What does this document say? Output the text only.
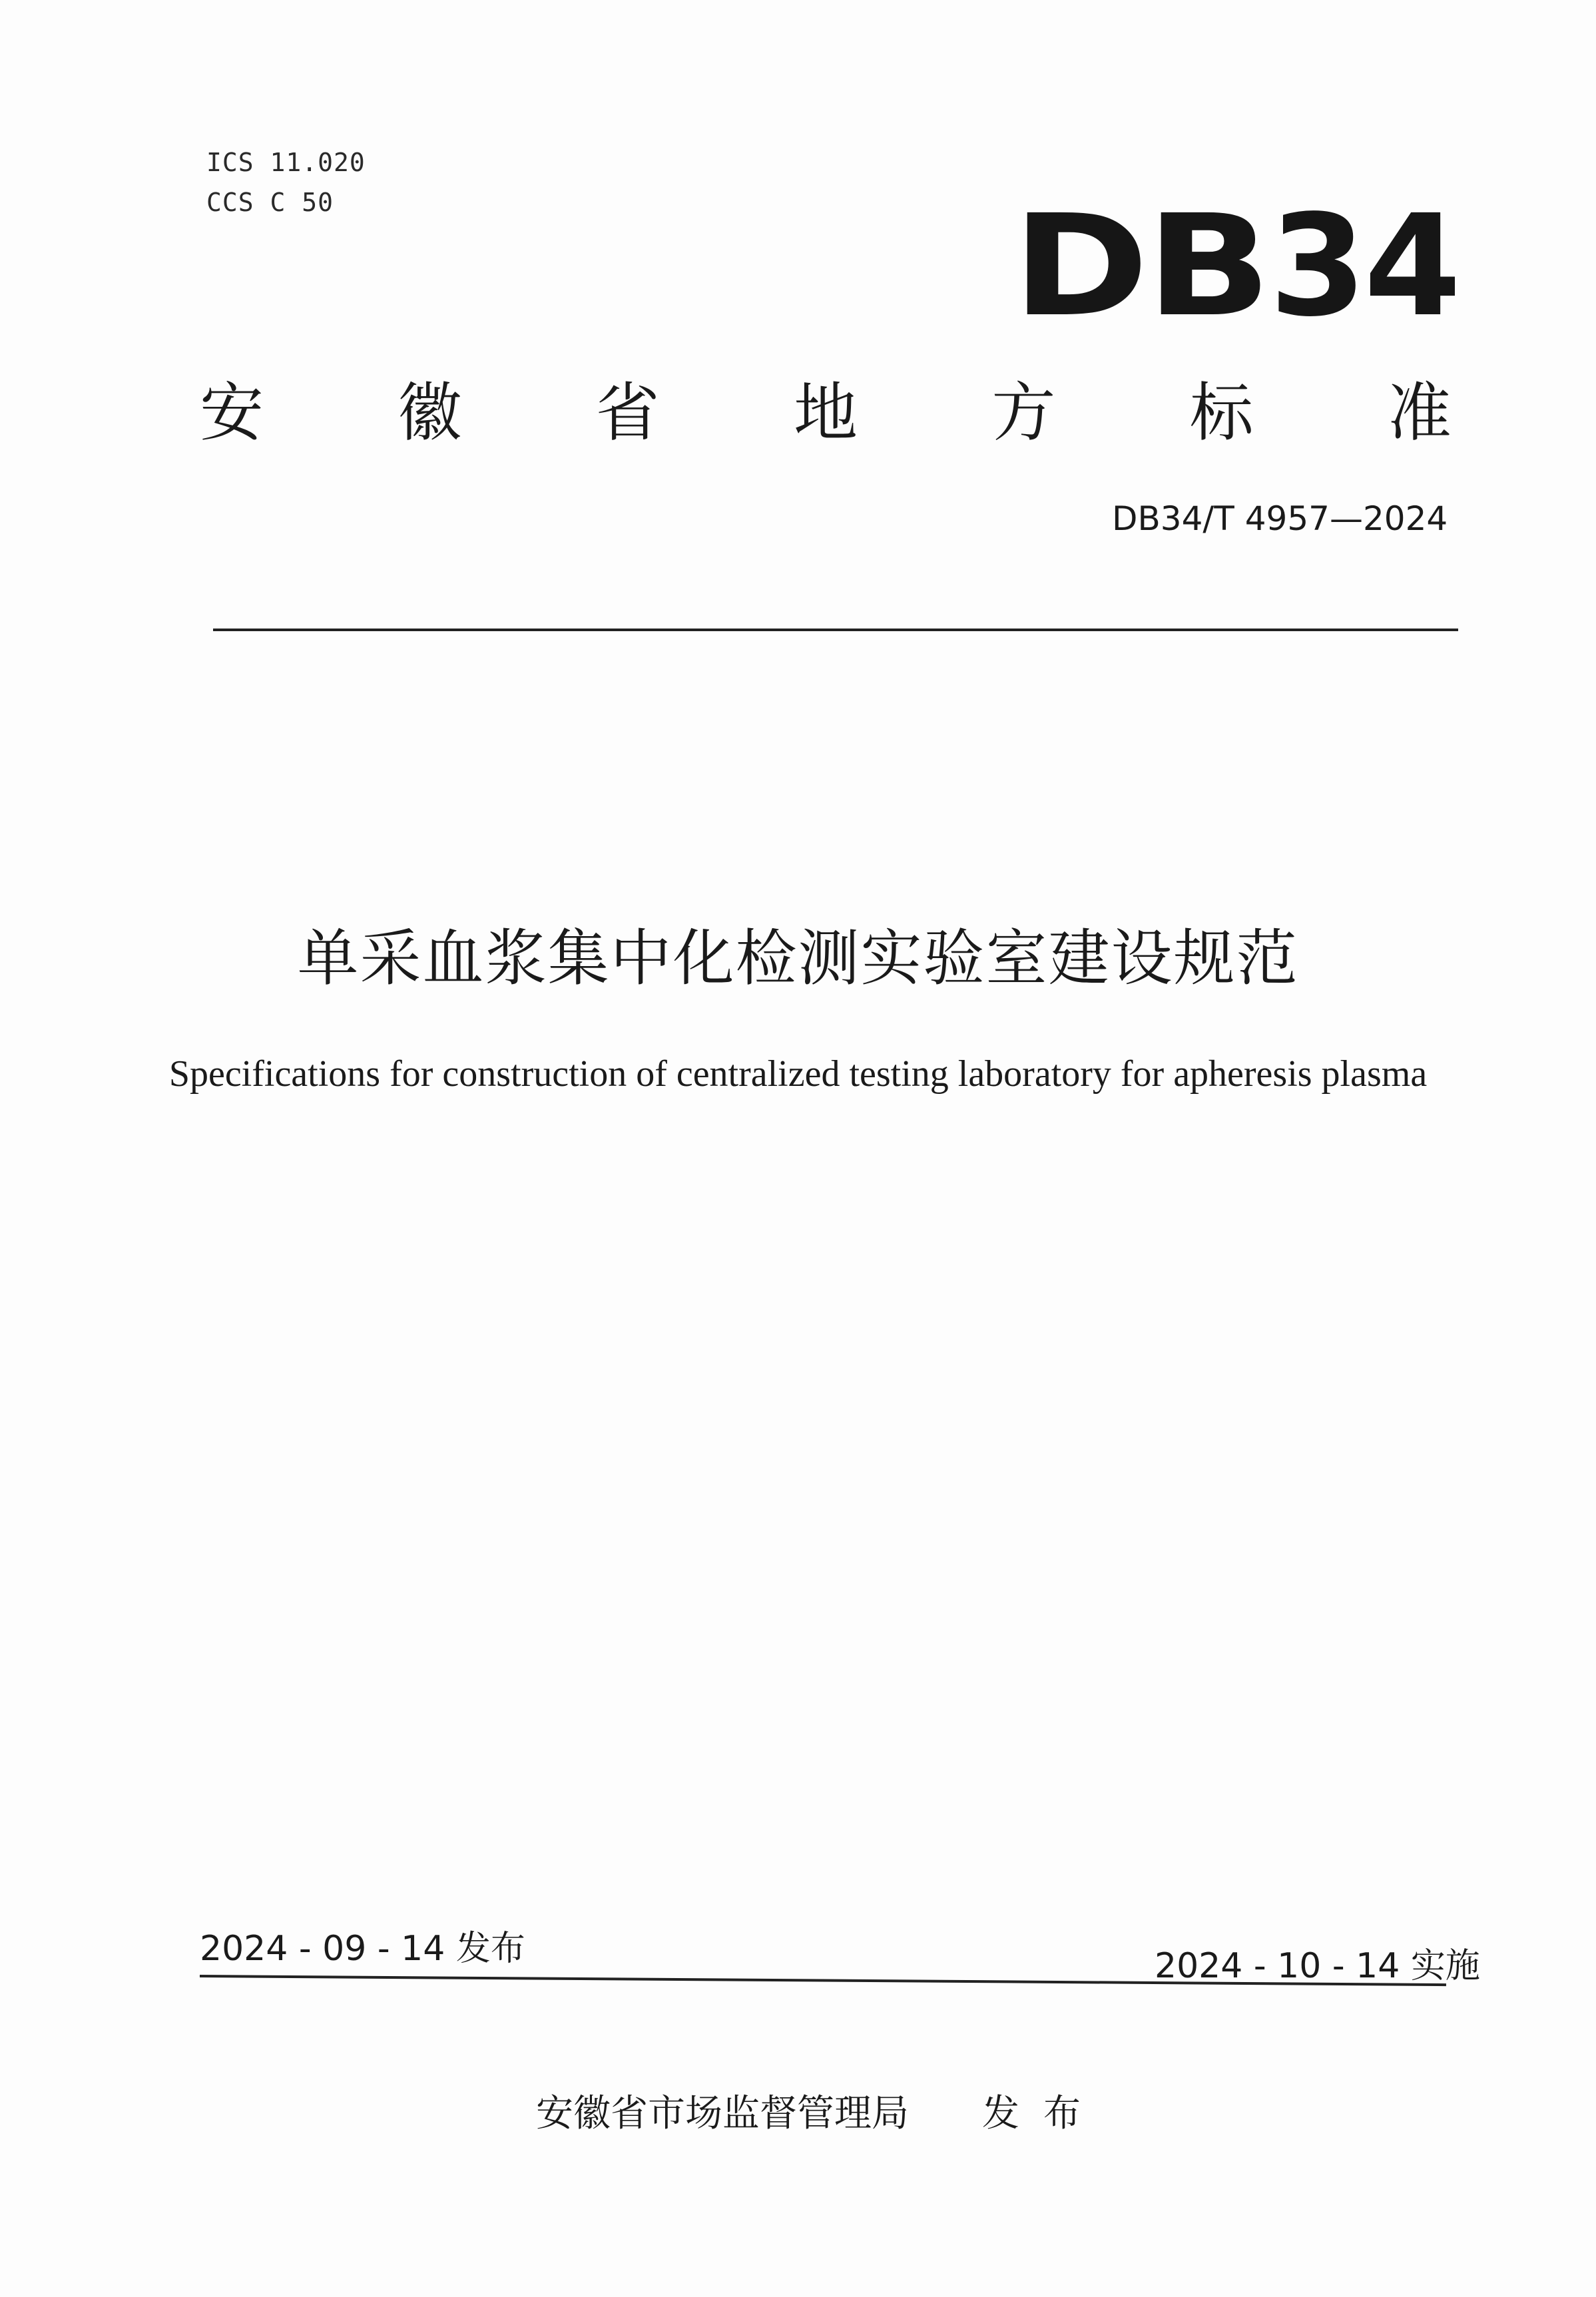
ICS 11.020
CCS C 50	DB34
安 徽 省 地 方 标 准
DB34/T 4957—2024
单采血浆集中化检测实验室建设规范
Specifications for construction of centralized testing laboratory for apheresis plasma
2024 - 09 - 14 发布	2024 - 10 - 14 实施
安徽省市场监督管理局 发布
